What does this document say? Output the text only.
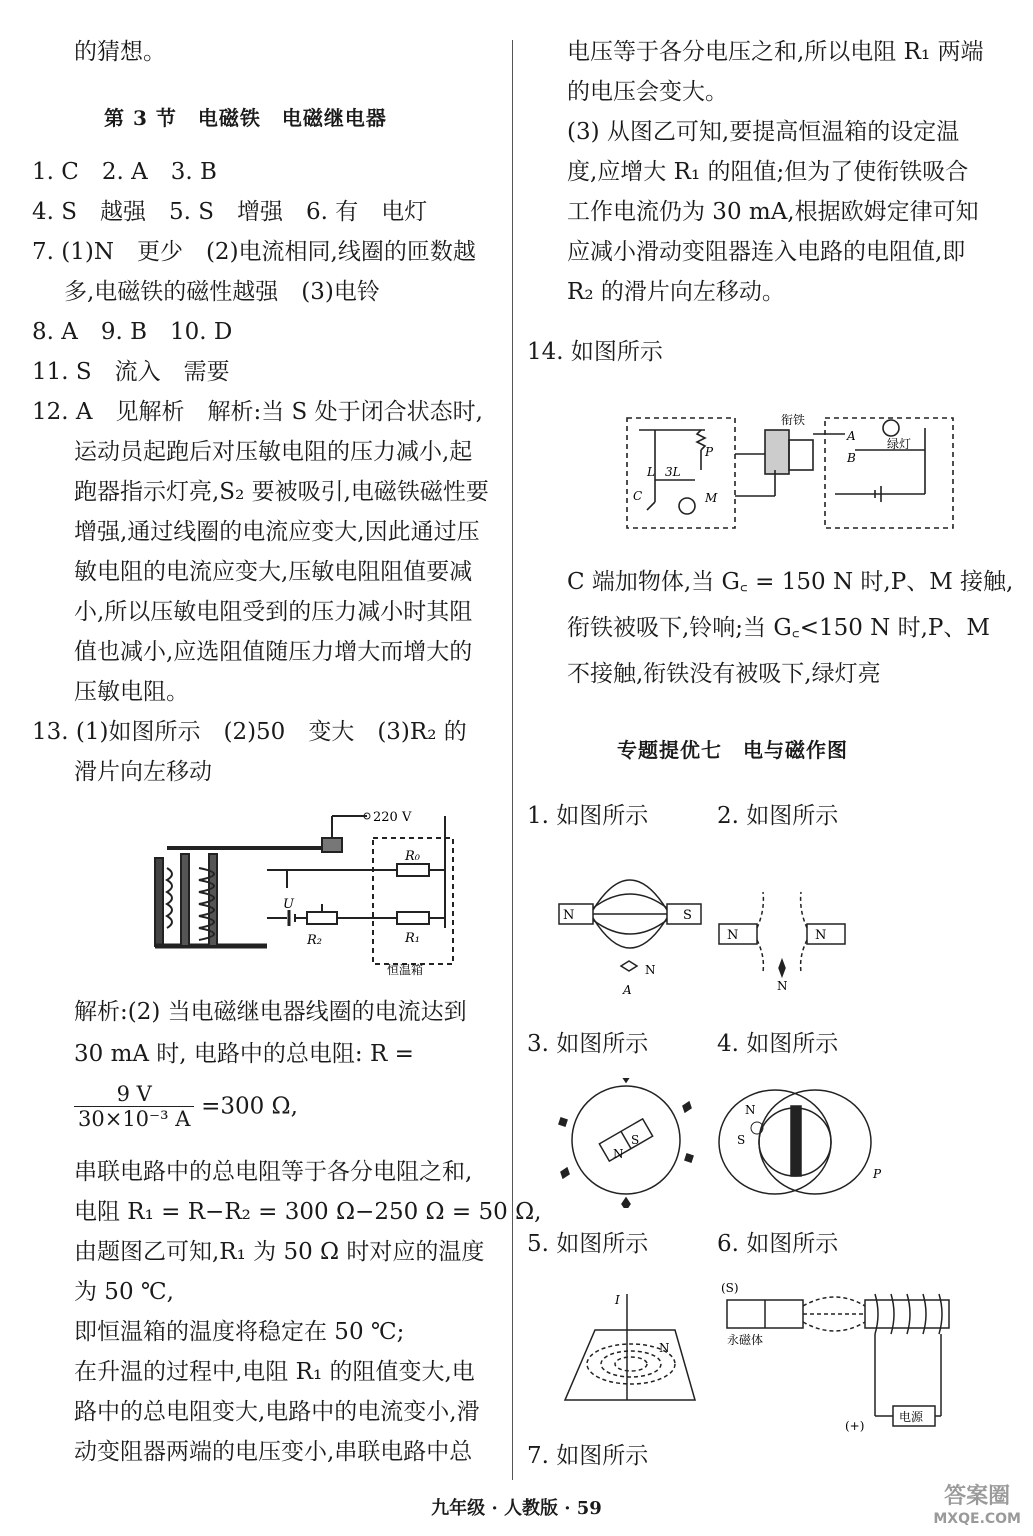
的猜想。
第 3 节　电磁铁　电磁继电器
1. C　2. A　3. B
4. S　越强　5. S　增强　6. 有　电灯
7. (1)N　更少　(2)电流相同,线圈的匝数越
多,电磁铁的磁性越强　(3)电铃
8. A　9. B　10. D
11. S　流入　需要
12. A　见解析　解析:当 S 处于闭合状态时,
运动员起跑后对压敏电阻的压力减小,起
跑器指示灯亮,S₂ 要被吸引,电磁铁磁性要
增强,通过线圈的电流应变大,因此通过压
敏电阻的电流应变大,压敏电阻阻值要减
小,所以压敏电阻受到的压力减小时其阻
值也减小,应选阻值随压力增大而增大的
压敏电阻。
13. (1)如图所示　(2)50　变大　(3)R₂ 的
滑片向左移动
220 V
R₀
U
R₂	R₁
恒温箱
解析:(2) 当电磁继电器线圈的电流达到
30 mA 时, 电路中的总电阻: R =
$\frac{9 V}{\text{30×10⁻³ A}} =300$ Ω,
串联电路中的总电阻等于各分电阻之和,
电阻 R₁ = R−R₂ = 300 Ω−250 Ω = 50 Ω,
由题图乙可知,R₁ 为 50 Ω 时对应的温度
为 50 ℃,
即恒温箱的温度将稳定在 50 ℃;
在升温的过程中,电阻 R₁ 的阻值变大,电
路中的总电阻变大,电路中的电流变小,滑
动变阻器两端的电压变小,串联电路中总
电压等于各分电压之和,所以电阻 R₁ 两端
的电压会变大。
(3) 从图乙可知,要提高恒温箱的设定温
度,应增大 R₁ 的阻值;但为了使衔铁吸合
工作电流仍为 30 mA,根据欧姆定律可知
应减小滑动变阻器连入电路的电阻值,即
R₂ 的滑片向左移动。
14. 如图所示
衔铁
A
B
绿灯
P
L 3L
C	M
C 端加物体,当 G꜀ = 150 N 时,P、M 接触,
衔铁被吸下,铃响;当 G꜀<150 N 时,P、M
不接触,衔铁没有被吸下,绿灯亮
专题提优七　电与磁作图
1. 如图所示	2. 如图所示
N	S
N
A
N	N
N
3. 如图所示	4. 如图所示
N
S
N
S
P
5. 如图所示	6. 如图所示
I
N
(S)
永磁体
(+)
电源
7. 如图所示
九年级 · 人教版 · 59	答案圈
MXQE.COM
